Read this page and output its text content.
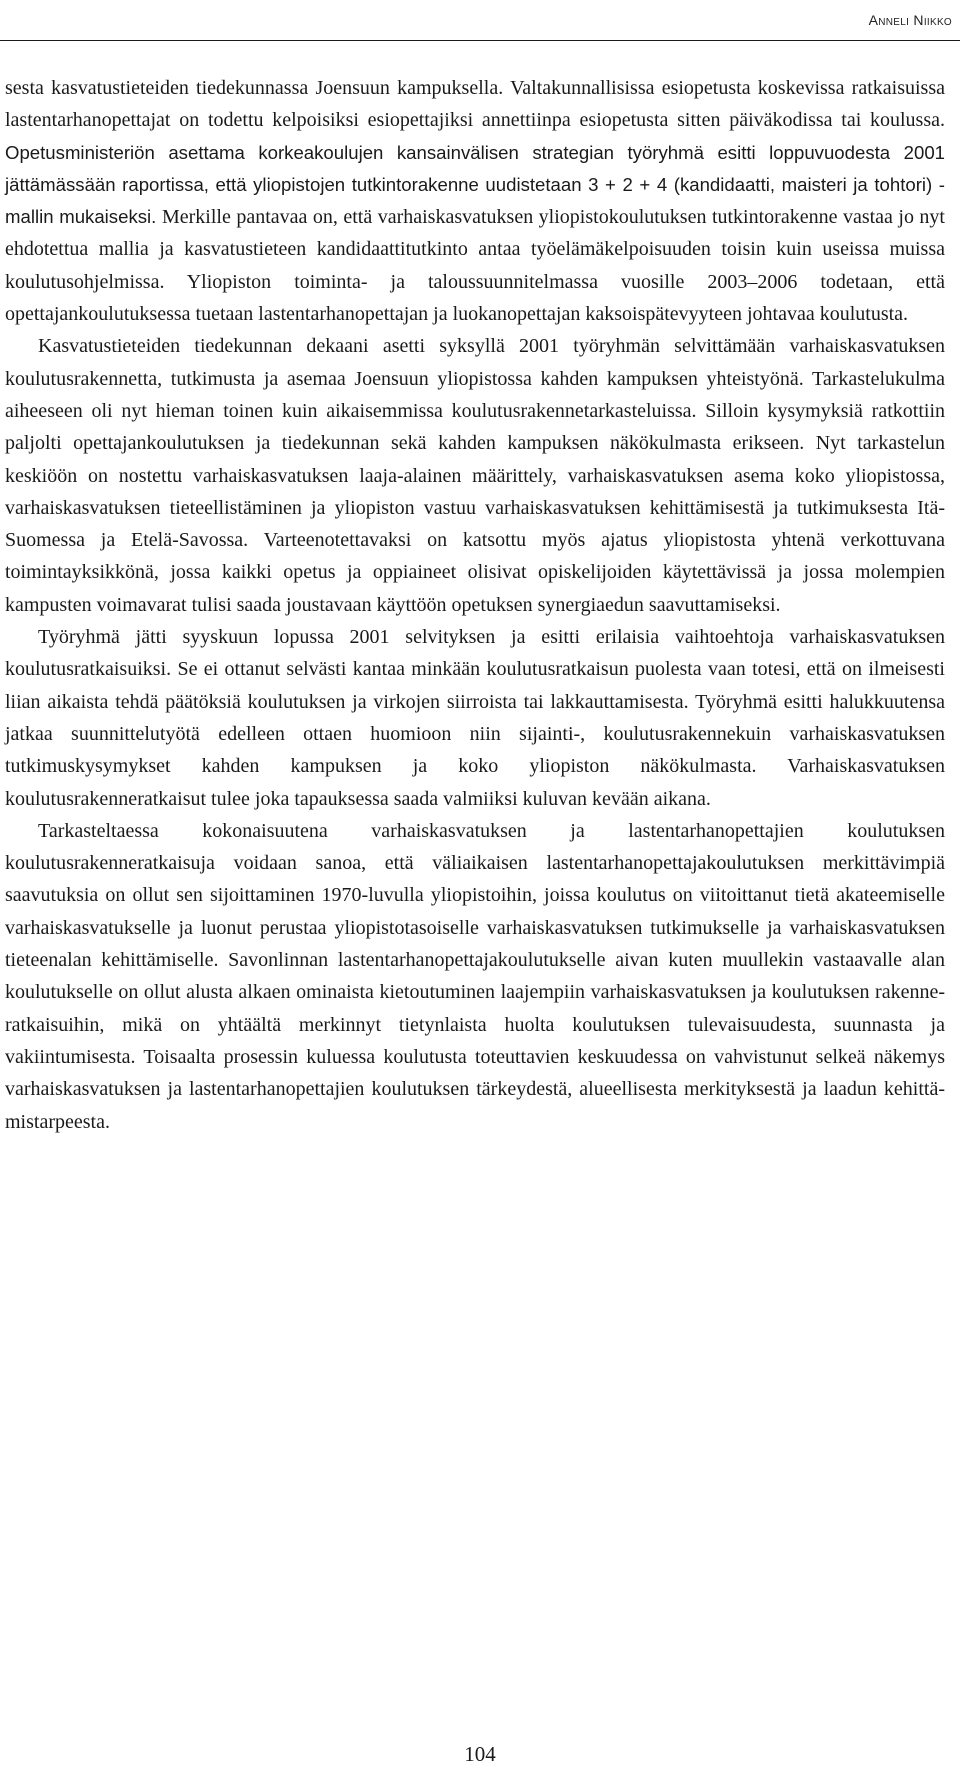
Anneli Niikko

sesta kasvatustieteiden tiedekunnassa Joensuun kampuksella. Valtakunnallisissa esiopetusta koskevissa ratkaisuissa lastentarhanopettajat on todettu kelpoisiksi esiopettajiksi annettiinpa esiopetusta sitten päiväkodissa tai koulussa. Opetusministeriön asettama korkeakoulujen kansainvälisen strategian työryhmä esitti loppuvuodesta 2001 jättämässään raportissa, että yliopistojen tutkintorakenne uudistetaan 3 + 2 + 4 (kandidaatti, maisteri ja tohtori) -mallin mukaiseksi. Merkille pantavaa on, että varhaiskasvatuksen yliopistokoulutuksen tutkintorakenne vastaa jo nyt ehdotettua mallia ja kasvatustieteen kandidaattitutkinto antaa työelämäkelpoisuuden toisin kuin useissa muissa koulutusohjelmissa. Yliopiston toiminta- ja taloussuunnitelmassa vuosille 2003–2006 todetaan, että opettajankoulutuksessa tuetaan lastentarhanopettajan ja luokanopettajan kaksoispätevyyteen johtavaa koulutusta.

Kasvatustieteiden tiedekunnan dekaani asetti syksyllä 2001 työryhmän selvittämään varhaiskasvatuksen koulutusrakennetta, tutkimusta ja asemaa Joensuun yliopistossa kahden kampuksen yhteistyönä. Tarkastelukulma aiheeseen oli nyt hieman toinen kuin aikaisemmissa koulutusrakennetarkasteluissa. Silloin kysymyksiä ratkottiin paljolti opettajankoulutuksen ja tiedekunnan sekä kahden kampuksen näkökulmasta erikseen. Nyt tarkastelun keskiöön on nostettu varhaiskasvatuksen laaja-alainen määrittely, varhaiskasvatuksen asema koko yliopistossa, varhaiskasvatuksen tieteellistäminen ja yliopiston vastuu varhaiskasvatuksen kehittämisestä ja tutkimuksesta Itä-Suomessa ja Etelä-Savossa. Varteenotettavaksi on katsottu myös ajatus yliopistosta yhtenä verkottuvana toimintayksikkönä, jossa kaikki opetus ja oppiaineet olisivat opiskelijoiden käytettävissä ja jossa molempien kampusten voimavarat tulisi saada joustavaan käyttöön opetuksen synergiaedun saavuttamiseksi.

Työryhmä jätti syyskuun lopussa 2001 selvityksen ja esitti erilaisia vaihtoehtoja varhaiskasvatuksen koulutusratkaisuiksi. Se ei ottanut selvästi kantaa minkään koulutusratkaisun puolesta vaan totesi, että on ilmeisesti liian aikaista tehdä päätöksiä koulutuksen ja virkojen siirroista tai lakkauttamisesta. Työryhmä esitti halukkuutensa jatkaa suunnittelutyötä edelleen ottaen huomioon niin sijainti-, koulutusrakennekuin varhaiskasvatuksen tutkimuskysymykset kahden kampuksen ja koko yliopiston näkökulmasta. Varhaiskasvatuksen koulutusrakenneratkaisut tulee joka tapauksessa saada valmiiksi kuluvan kevään aikana.

Tarkasteltaessa kokonaisuutena varhaiskasvatuksen ja lastentarhanopettajien koulutuksen koulutusrakenneratkaisuja voidaan sanoa, että väliaikaisen lastentarhanopettajakoulutuksen merkittävimpiä saavutuksia on ollut sen sijoittaminen 1970-luvulla yliopistoihin, joissa koulutus on viitoittanut tietä akateemiselle varhaiskasvatukselle ja luonut perustaa yliopistotasoiselle varhaiskasvatuksen tutkimukselle ja varhaiskasvatuksen tieteenalan kehittämiselle. Savonlinnan lastentarhanopettajakoulutukselle aivan kuten muullekin vastaavalle alan koulutukselle on ollut alusta alkaen ominaista kietoutuminen laajempiin varhaiskasvatuksen ja koulutuksen rakenneratkaisuihin, mikä on yhtäältä merkinnyt tietynlaista huolta koulutuksen tulevaisuudesta, suunnasta ja vakiintumisesta. Toisaalta prosessin kuluessa koulutusta toteuttavien keskuudessa on vahvistunut selkeä näkemys varhaiskasvatuksen ja lastentarhanopettajien koulutuksen tärkeydestä, alueellisesta merkityksestä ja laadun kehittämistarpeesta.

104
